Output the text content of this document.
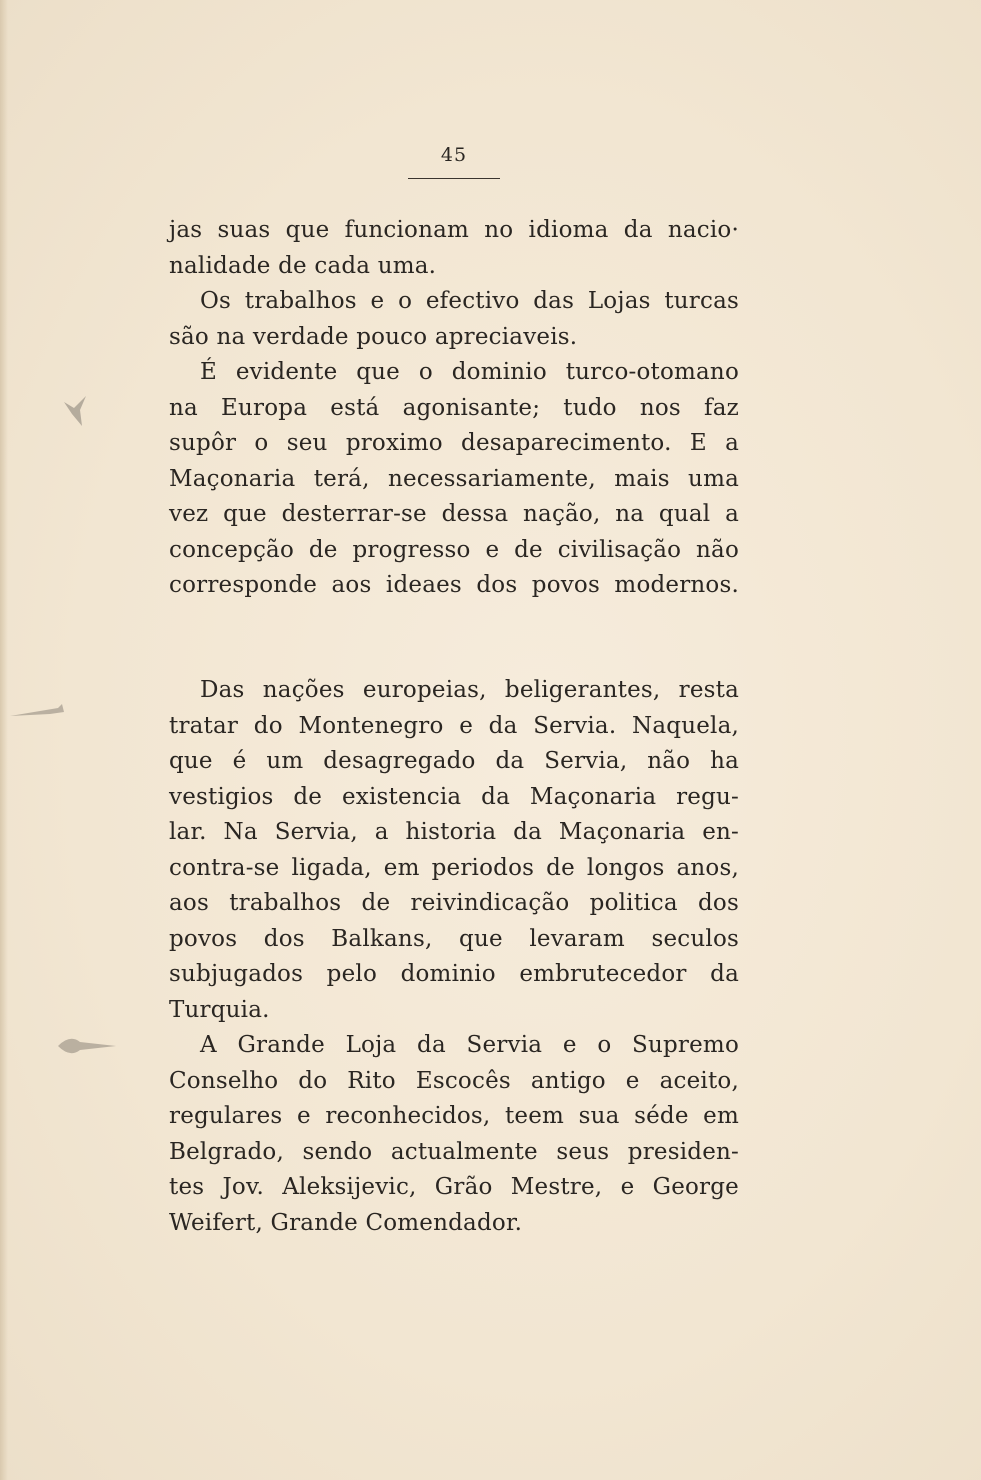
45
jas suas que funcionam no idioma da nacio·
nalidade de cada uma.
Os trabalhos e o efectivo das Lojas turcas
são na verdade pouco apreciaveis.
É evidente que o dominio turco-otomano
na Europa está agonisante; tudo nos faz
supôr o seu proximo desaparecimento. E a
Maçonaria terá, necessariamente, mais uma
vez que desterrar-se dessa nação, na qual a
concepção de progresso e de civilisação não
corresponde aos ideaes dos povos modernos.
Das nações europeias, beligerantes, resta
tratar do Montenegro e da Servia. Naquela,
que é um desagregado da Servia, não ha
vestigios de existencia da Maçonaria regu-
lar. Na Servia, a historia da Maçonaria en-
contra-se ligada, em periodos de longos anos,
aos trabalhos de reivindicação politica dos
povos dos Balkans, que levaram seculos
subjugados pelo dominio embrutecedor da
Turquia.
A Grande Loja da Servia e o Supremo
Conselho do Rito Escocês antigo e aceito,
regulares e reconhecidos, teem sua séde em
Belgrado, sendo actualmente seus presiden-
tes Jov. Aleksijevic, Grão Mestre, e George
Weifert, Grande Comendador.
